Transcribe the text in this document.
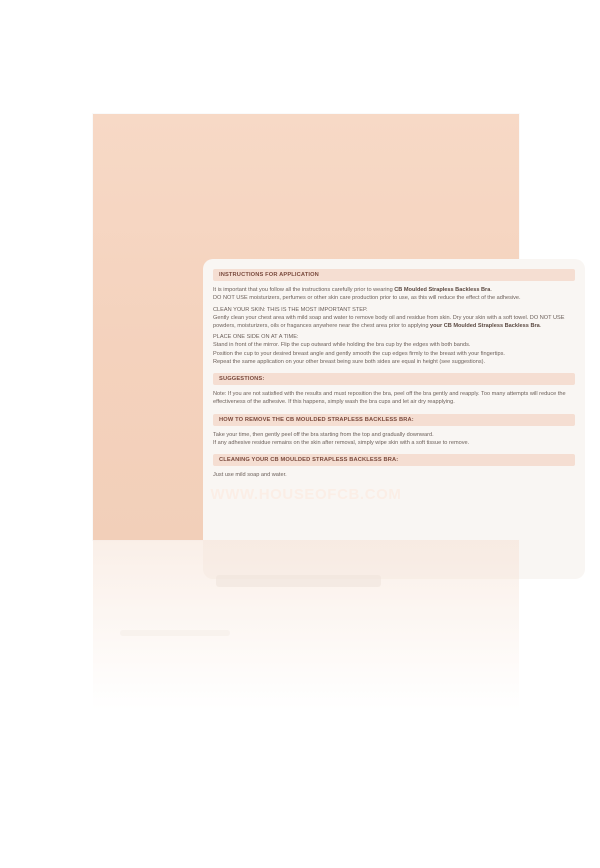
INSTRUCTIONS FOR APPLICATION

It is important that you follow all the instructions carefully prior to wearing CB Moulded Strapless Backless Bra.
DO NOT USE moisturizers, perfumes or other skin care production prior to use, as this will reduce the effect of the adhesive.

CLEAN YOUR SKIN: THIS IS THE MOST IMPORTANT STEP.
Gently clean your chest area with mild soap and water to remove body oil and residue from skin. Dry your skin with a soft towel. DO NOT USE powders, moisturizers, oils or fragances anywhere near the chest area prior to applying your CB Moulded Strapless Backless Bra.

PLACE ONE SIDE ON AT A TIME:
Stand in front of the mirror. Flip the cup outward while holding the bra cup by the edges with both bands.
Position the cup to your desired breast angle and gently smooth the cup edges firmly to the breast with your fingertips.
Repeat the same application on your other breast being sure both sides are equal in height (see suggestions).

SUGGESTIONS:

Note: If you are not satisfied with the results and must reposition the bra, peel off the bra gently and reapply. Too many attempts will reduce the effectiveness of the adhesive. If this happens, simply wash the bra cups and let air dry reapplying.

HOW TO REMOVE THE CB MOULDED STRAPLESS BACKLESS BRA:

Take your time, then gently peel off the bra starting from the top and gradually downward.
If any adhesive residue remains on the skin after removal, simply wipe skin with a soft tissue to remove.

CLEANING YOUR CB MOULDED STRAPLESS BACKLESS BRA:

Just use mild soap and water.

WWW.HOUSEOFCB.COM
